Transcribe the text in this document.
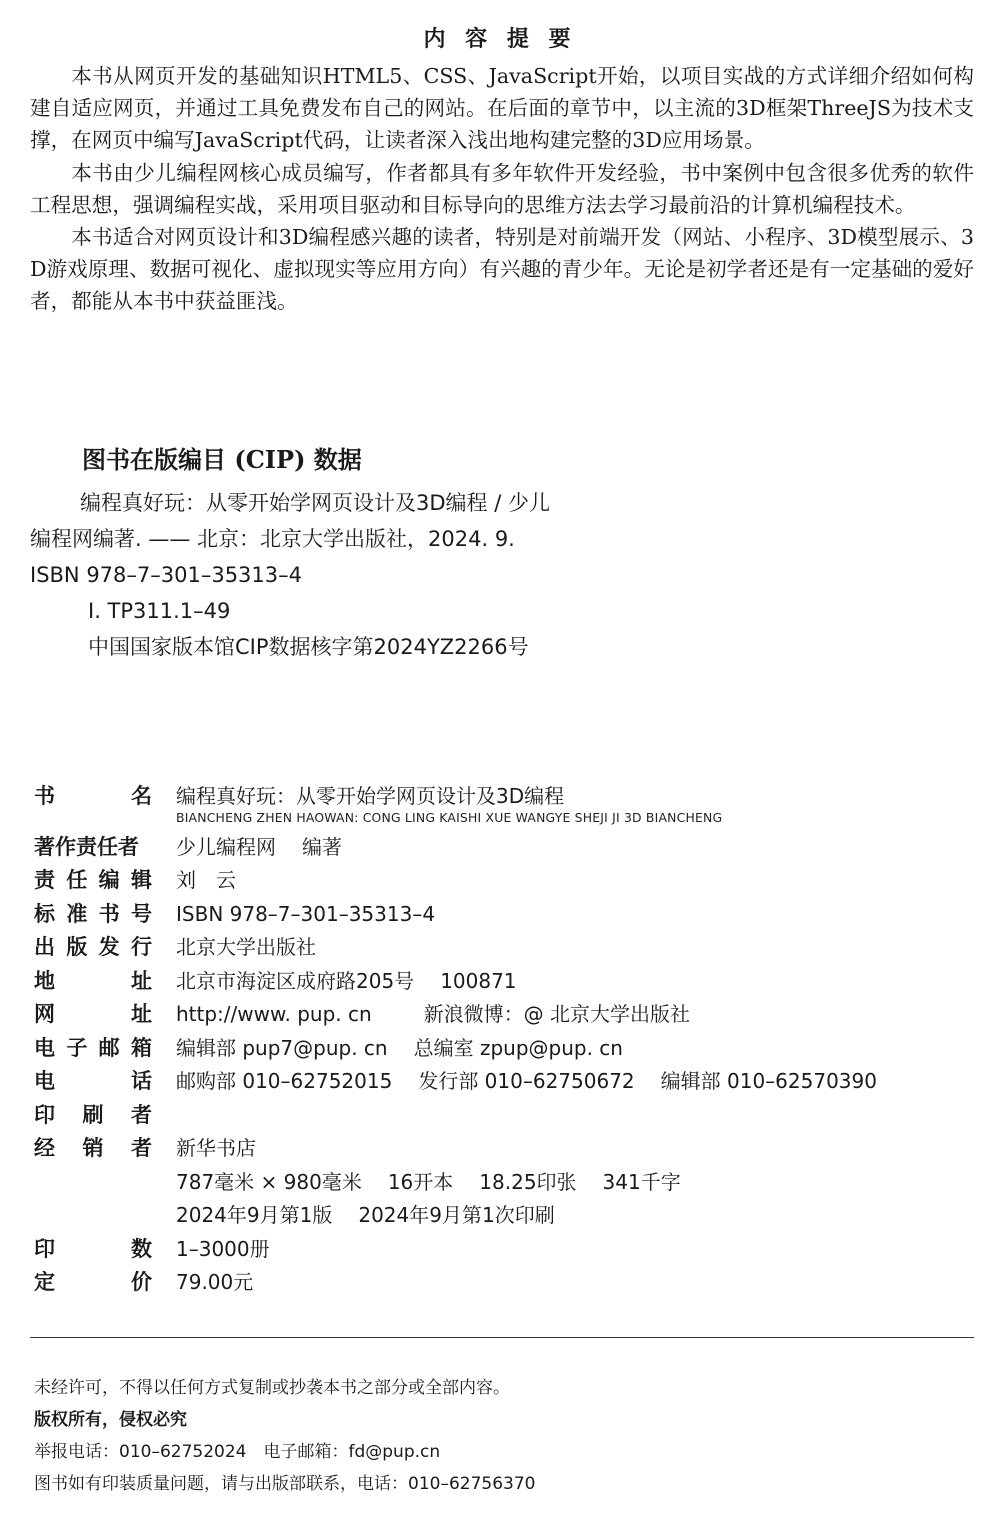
内 容 提 要

本书从网页开发的基础知识HTML5、CSS、JavaScript开始，以项目实战的方式详细介绍如何构建自适应网页，并通过工具免费发布自己的网站。在后面的章节中，以主流的3D框架ThreeJS为技术支撑，在网页中编写JavaScript代码，让读者深入浅出地构建完整的3D应用场景。

本书由少儿编程网核心成员编写，作者都具有多年软件开发经验，书中案例中包含很多优秀的软件工程思想，强调编程实战，采用项目驱动和目标导向的思维方法去学习最前沿的计算机编程技术。

本书适合对网页设计和3D编程感兴趣的读者，特别是对前端开发（网站、小程序、3D模型展示、3D游戏原理、数据可视化、虚拟现实等应用方向）有兴趣的青少年。无论是初学者还是有一定基础的爱好者，都能从本书中获益匪浅。

图书在版编目 (CIP) 数据
编程真好玩：从零开始学网页设计及3D编程 / 少儿
编程网编著. —— 北京：北京大学出版社，2024. 9.
ISBN 978–7–301–35313–4
Ⅰ. TP311.1–49
中国国家版本馆CIP数据核字第2024YZ2266号
书	名 编程真好玩：从零开始学网页设计及3D编程
BIANCHENG ZHEN HAOWAN: CONG LING KAISHI XUE WANGYE SHEJI JI 3D BIANCHENG
著作责任者 少儿编程网 编著
责 任 编 辑 刘　云
标 准 书 号 ISBN 978–7–301–35313–4
出 版 发 行 北京大学出版社
地	址 北京市海淀区成府路205号 100871
网	址 http://www. pup. cn	新浪微博：@ 北京大学出版社
电 子 邮 箱 编辑部 pup7@pup. cn 总编室 zpup@pup. cn
电	话 邮购部 010–62752015 发行部 010–62750672 编辑部 010–62570390
印 刷 者
经 销 者 新华书店
787毫米 × 980毫米 16开本 18.25印张 341千字
2024年9月第1版 2024年9月第1次印刷
印	数 1–3000册
定	价 79.00元
未经许可，不得以任何方式复制或抄袭本书之部分或全部内容。
版权所有，侵权必究
举报电话：010–62752024　电子邮箱：fd@pup.cn
图书如有印装质量问题，请与出版部联系，电话：010–62756370
